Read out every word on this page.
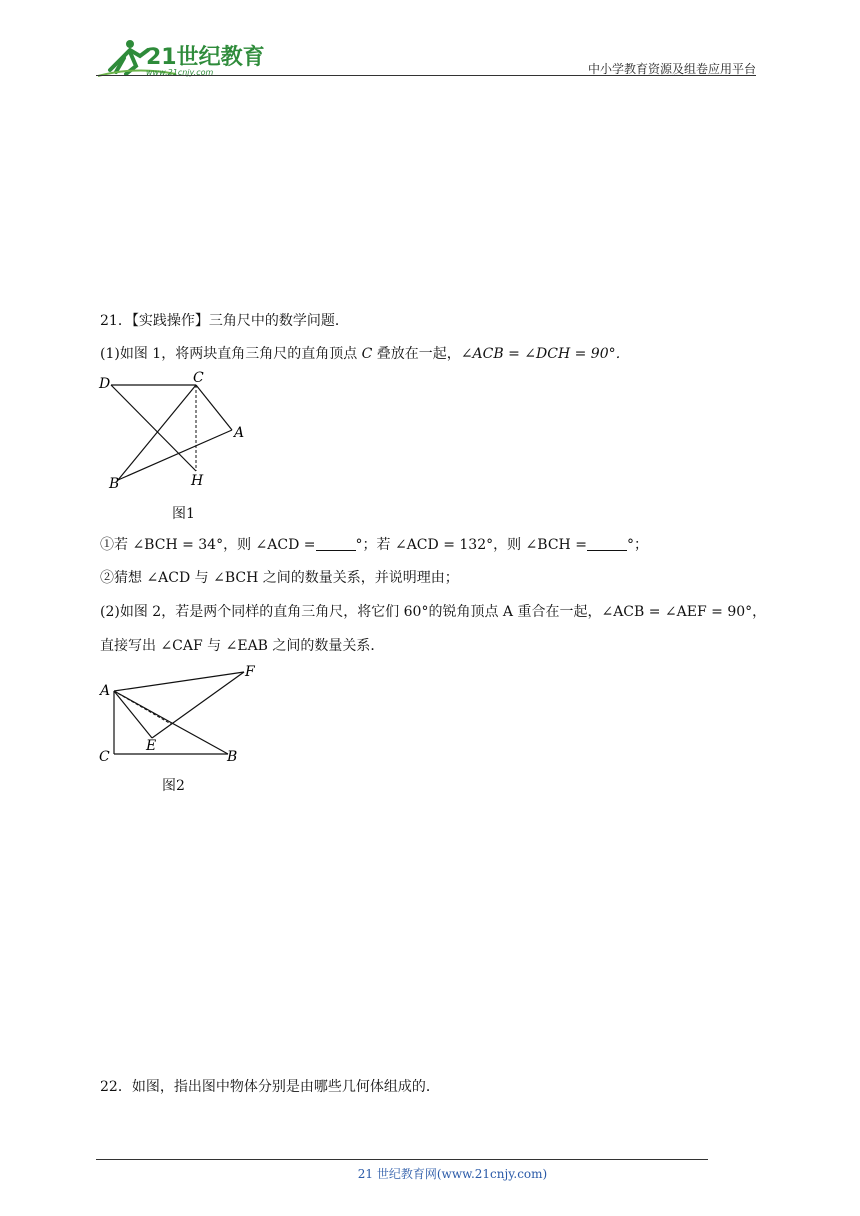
21世纪教育
www.21cnjy.com	中小学教育资源及组卷应用平台
21．【实践操作】三角尺中的数学问题．
(1)如图 1，将两块直角三角尺的直角顶点 C 叠放在一起，∠ACB = ∠DCH = 90°．
D	C
A
B	H
图1
①若 ∠BCH = 34°，则 ∠ACD =	°；若 ∠ACD = 132°，则 ∠BCH =	°；
②猜想 ∠ACD 与 ∠BCH 之间的数量关系，并说明理由；
(2)如图 2，若是两个同样的直角三角尺，将它们 60°的锐角顶点 A 重合在一起，∠ACB = ∠AEF = 90°，
直接写出 ∠CAF 与 ∠EAB 之间的数量关系．
A
F
E
C	B
图2
22．如图，指出图中物体分别是由哪些几何体组成的．
21 世纪教育网(www.21cnjy.com)
